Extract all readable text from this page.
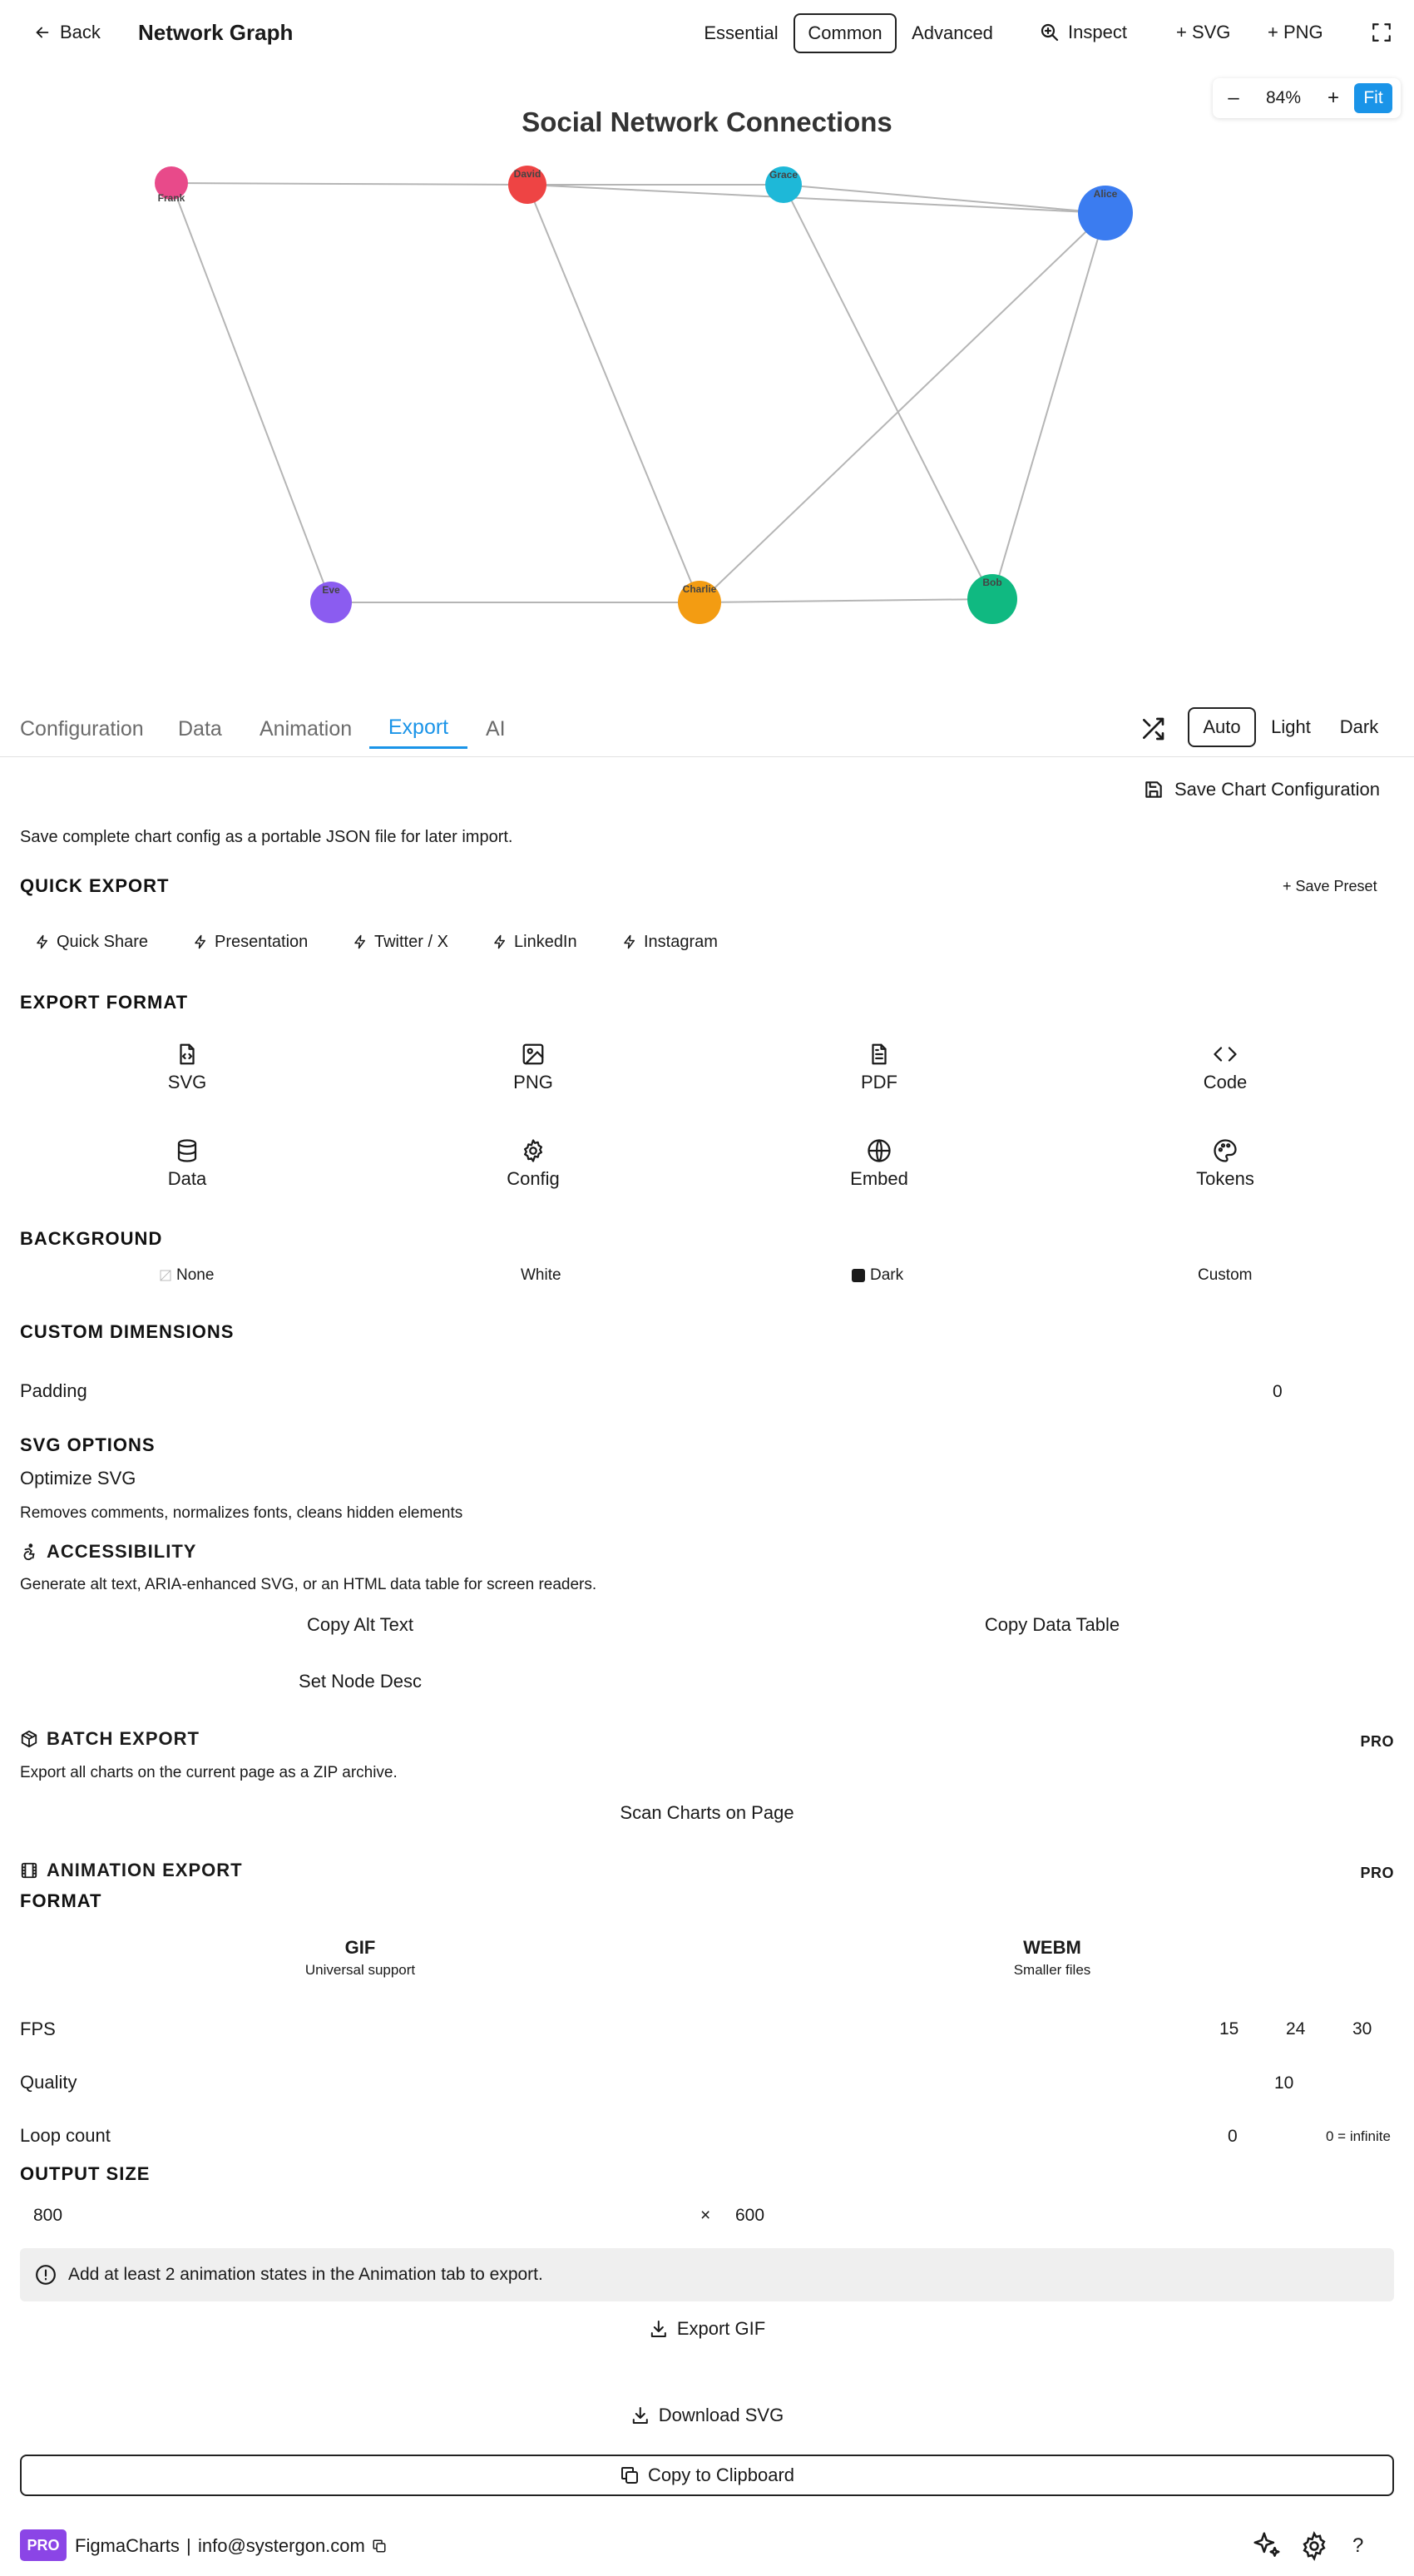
Back Network Graph	Essential	Common	Advanced	Inspect	+ SVG + PNG
–	84%	+	Fit
Social Network Connections
Frank
David	Grace
Alice
Eve	Charlie
Bob
Configuration Data Animation	Export	AI	Auto	Light	Dark
Save Chart Configuration
Save complete chart config as a portable JSON file for later import.
QUICK EXPORT	+ Save Preset
Quick Share	Presentation	Twitter / X	LinkedIn	Instagram
EXPORT FORMAT
SVG	PNG	PDF	Code
Data	Config	Embed	Tokens
BACKGROUND
None	White	Dark	Custom
CUSTOM DIMENSIONS
Padding	0
SVG OPTIONS
Optimize SVG
Removes comments, normalizes fonts, cleans hidden elements
ACCESSIBILITY
Generate alt text, ARIA-enhanced SVG, or an HTML data table for screen readers.
Copy Alt Text	Copy Data Table
Set Node Desc
BATCH EXPORT	PRO
Export all charts on the current page as a ZIP archive.
Scan Charts on Page
ANIMATION EXPORT	PRO
FORMAT
GIF
Universal support
WEBM
Smaller files
FPS	15	24	30
Quality	10
Loop count	0	0 = infinite
OUTPUT SIZE
800	× 600
Add at least 2 animation states in the Animation tab to export.
Export GIF
Download SVG
Copy to Clipboard
PRO FigmaCharts | info@systergon.com	?
